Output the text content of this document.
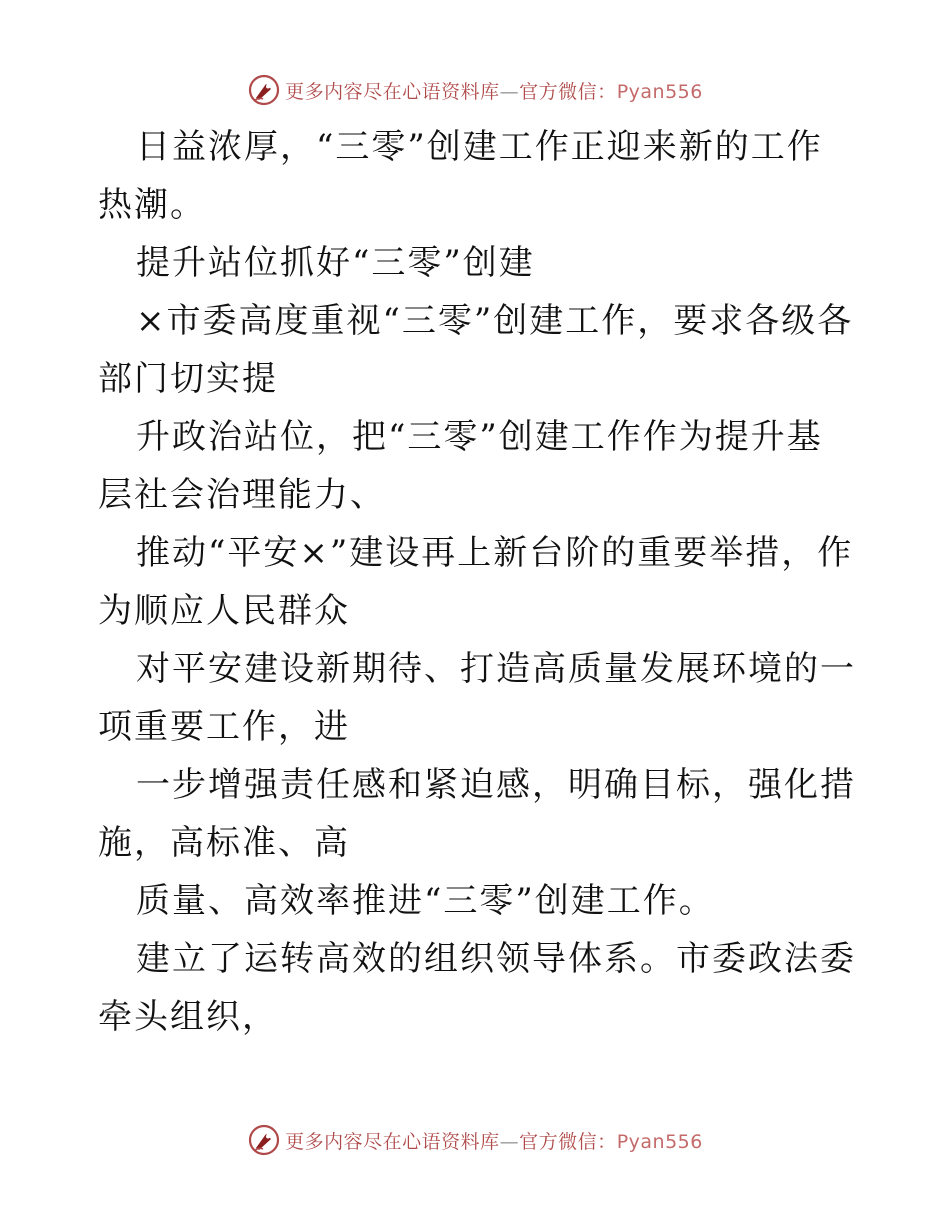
更多内容尽在心语资料库—官方微信：Pyan556

日益浓厚，“三零”创建工作正迎来新的工作热潮。

提升站位抓好“三零”创建

×市委高度重视“三零”创建工作，要求各级各部门切实提

升政治站位，把“三零”创建工作作为提升基层社会治理能力、

推动“平安×”建设再上新台阶的重要举措，作为顺应人民群众

对平安建设新期待、打造高质量发展环境的一项重要工作，进

一步增强责任感和紧迫感，明确目标，强化措施，高标准、高

质量、高效率推进“三零”创建工作。

建立了运转高效的组织领导体系。市委政法委牵头组织，

更多内容尽在心语资料库—官方微信：Pyan556
